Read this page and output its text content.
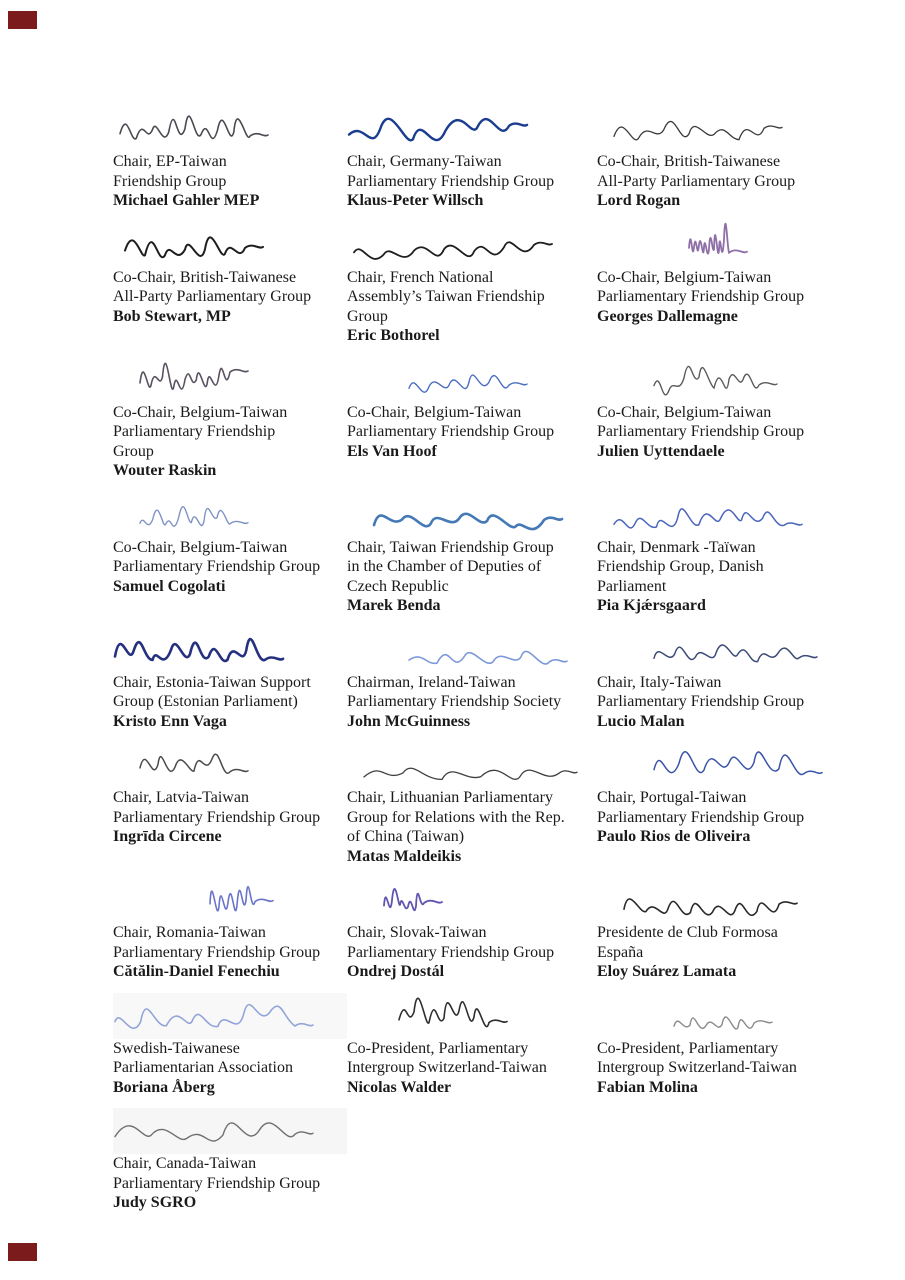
Chair, EP-Taiwan
Friendship Group
Michael Gahler MEP
Chair, Germany-Taiwan
Parliamentary Friendship Group
Klaus-Peter Willsch
Co-Chair, British-Taiwanese
All-Party Parliamentary Group
Lord Rogan
Co-Chair, British-Taiwanese
All-Party Parliamentary Group
Bob Stewart, MP
Chair, French National
Assembly’s Taiwan Friendship
Group
Eric Bothorel
Co-Chair, Belgium-Taiwan
Parliamentary Friendship Group
Georges Dallemagne
Co-Chair, Belgium-Taiwan
Parliamentary Friendship
Group
Wouter Raskin
Co-Chair, Belgium-Taiwan
Parliamentary Friendship Group
Els Van Hoof
Co-Chair, Belgium-Taiwan
Parliamentary Friendship Group
Julien Uyttendaele
Co-Chair, Belgium-Taiwan
Parliamentary Friendship Group
Samuel Cogolati
Chair, Taiwan Friendship Group
in the Chamber of Deputies of
Czech Republic
Marek Benda
Chair, Denmark -Taïwan
Friendship Group, Danish
Parliament
Pia Kjǽrsgaard
Chair, Estonia-Taiwan Support
Group (Estonian Parliament)
Kristo Enn Vaga
Chairman, Ireland-Taiwan
Parliamentary Friendship Society
John McGuinness
Chair, Italy-Taiwan
Parliamentary Friendship Group
Lucio Malan
Chair, Latvia-Taiwan
Parliamentary Friendship Group
Ingrīda Circene
Chair, Lithuanian Parliamentary
Group for Relations with the Rep.
of China (Taiwan)
Matas Maldeikis
Chair, Portugal-Taiwan
Parliamentary Friendship Group
Paulo Rios de Oliveira
Chair, Romania-Taiwan
Parliamentary Friendship Group
Cătălin-Daniel Fenechiu
Chair, Slovak-Taiwan
Parliamentary Friendship Group
Ondrej Dostál
Presidente de Club Formosa
España
Eloy Suárez Lamata
Swedish-Taiwanese
Parliamentarian Association
Boriana Åberg
Co-President, Parliamentary
Intergroup Switzerland-Taiwan
Nicolas Walder
Co-President, Parliamentary
Intergroup Switzerland-Taiwan
Fabian Molina
Chair, Canada-Taiwan
Parliamentary Friendship Group
Judy SGRO
